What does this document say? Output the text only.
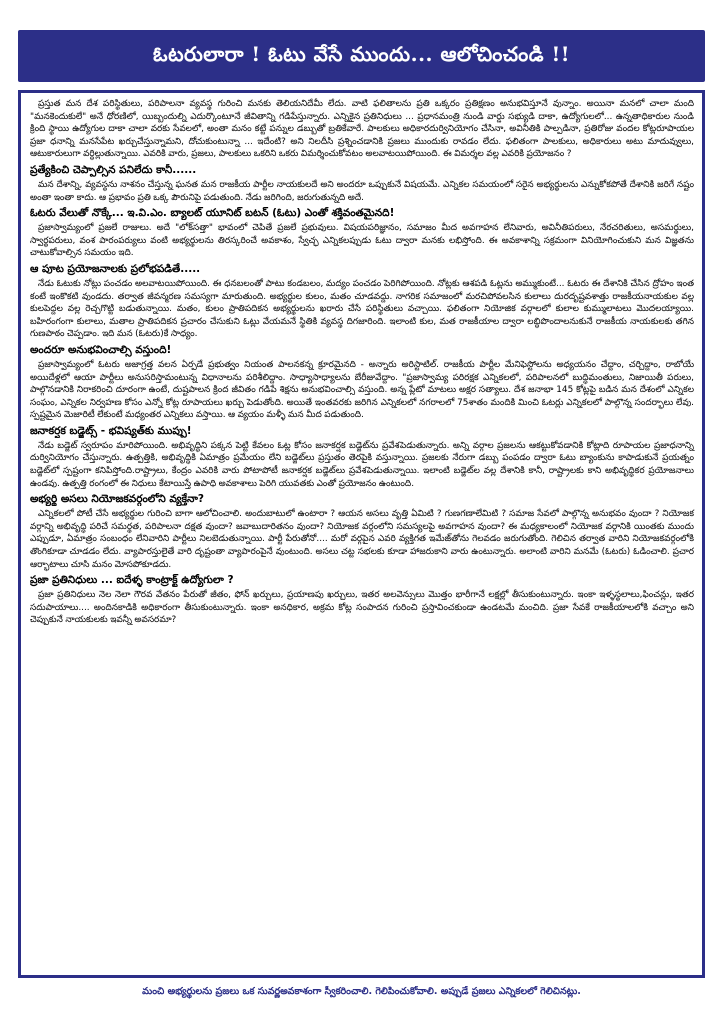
ఓటరులారా ! ఓటు వేసే ముందు... ఆలోచించండి !!

ప్రస్తుత మన దేశ పరిస్థితులు, పరిపాలనా వ్యవస్థ గురించి మనకు తెలియనిదేమీ లేదు. వాటి ఫలితాలను ప్రతి ఒక్కరం ప్రతిక్షణం అనుభవిస్తూనే వున్నాం. అయినా మనలో చాలా మంది "మనకెందుకులే" అనే ధోరణిలో, యిబ్బందుల్ని ఎదుర్కొంటూనే జీవితాన్ని గడిపేస్తున్నారు. ఎన్నికైన ప్రతినిధులు ... ప్రధానమంత్రి నుండి వార్డు సభ్యుడి దాకా, ఉద్యోగులలో... ఉన్నతాధికారుల నుండి క్రింది స్థాయి ఉద్యోగుల దాకా చాలా వరకు సేవలలో, అంతా మనం కట్టే పన్నుల డబ్బుతో బ్రతికేవారే. పాలకులు అధికారదుర్వినియోగం చేసినా, అవినీతికి పాల్పడినా, ప్రతిరోజు వందల కోట్లరూపాయల ప్రజా ధనాన్ని మనసేపేట ఖర్చుచేస్తున్నామని, దోచుకుంటున్నా ... ఇదేంటి? అని నిలదీసి ప్రశ్నించడానికి ప్రజలు ముందుకు రావడం లేదు. ఫలితంగా పాలకులు, అధికారులు అటు మాదువ్వులు, ఆటుకారులుగా వర్ధిల్లుతున్నాయి. ఎవరికి వారు, ప్రజలు, పాలకులు ఒకరిని ఒకరు విమర్శించుకోవటం అలవాటయిపోయింది. ఈ విమర్శల వల్ల ఎవరికి ప్రయోజనం ?

ప్రత్యేకించి చెప్పాల్సిన పనిలేదు కానీ......

మన దేశాన్ని, వ్యవస్థను నాశనం చేస్తున్న ఘనత మన రాజకీయ పార్టీల నాయకులదే అని అందరూ ఒప్పుకునే విషయమే. ఎన్నికల సమయంలో సరైన అభ్యర్థులను ఎన్నుకోకపోతే దేశానికి జరిగే నష్టం అంతా ఇంతా కాదు. ఆ ప్రభావం ప్రతి ఒక్క పౌరునిపై పడుతుంది. నేడు జరిగింది, జరుగుతున్నది అదే.

ఓటరు వేలుతో నొక్కే... ఇ.వి.ఎం. బ్యాలట్ యూనిట్ బటన్ (ఓటు) ఎంతో శక్తివంతమైనది!

ప్రజాస్వామ్యంలో ప్రజలే రాజులు. అదే "లోక్‌సత్తా" భావంలో చెపితే ప్రజలే ప్రభువులు. విషయపరిజ్ఞానం, సమాజం మీద అవగాహన లేనివారు, అవినీతిపరులు, నేరచరితులు, అసమర్థులు, స్వార్థపరులు, వంశ పారంపర్యులు వంటి అభ్యర్థులను తిరస్కరించే అవకాశం, స్వేచ్ఛ ఎన్నికలప్పుడు ఓటు ద్వారా మనకు లభిస్తోంది. ఈ అవకాశాన్ని సక్రమంగా వినియోగించుకుని మన విజ్ఞతను చాటుకోవాల్సిన సమయం ఇది.

ఆ పూట ప్రయోజనాలకు ప్రలోభపడితే.....

నేడు ఓటుకు నోట్లు పంచడం అలవాటయిపోయింది. ఈ ధనబలంతో పాటు కండబలం, మద్యం పంచడం పెరిగిపోయింది. నోట్లకు ఆశపడి ఓట్లను అమ్ముకుంటే... ఓటరు ఈ దేశానికి చేసిన ద్రోహం ఇంత కంటే ఇంకొకటి వుండదు. తర్వాత జీవన్మరణ సమస్యగా మారుతుంది. అభ్యర్థుల కులం, మతం చూడవద్దు. నాగరిక సమాజంలో మరచిపోవలసిన కులాలు దురదృష్టవశాత్తు రాజకీయనాయకుల వల్ల కులపెద్దల వల్ల రెచ్చగొట్టి బడుతున్నాయి. మతం, కులం ప్రాతిపదికన అభ్యర్థులను ఖరారు చేసే పరిస్థితులు వచ్చాయి. ఫలితంగా నియోజిక వర్గాలలో కులాల కుమ్ములాటలు మొదలయ్యాయి. బహిరంగంగా కులాలు, మతాల ప్రాతిపదికన ప్రచారం చేసుకుని ఓట్లు వేయమనే స్థితికి వ్యవస్థ దిగజారింది. ఇలాంటి కుల, మత రాజకీయాల ద్వారా లబ్ధిపొందాలనుకునే రాజకీయ నాయకులకు తగిన గుణపాఠం చెప్పడాం. ఇది మన (ఓటరు)కే సాధ్యం.

అందరూ అనుభవించాల్సి వస్తుంది!

ప్రజాస్వామ్యంలో ఓటరు అజాగ్రత్త వలన ఏర్పడే ప్రభుత్వం నియంత పాలనకన్న క్రూరమైనది - అన్నారు అరిస్టాటిల్. రాజకీయ పార్టీల మేనిఫెస్టోలను అధ్యయనం చేద్దాం, చర్చిద్దాం, రాబోయే అయిదేళ్లలో ఆయా పార్టీలు అనుసరిస్తామంటున్న విధానాలను పరిశీలిద్దాం. సాధ్యాసాధ్యాలను బేరీజువేద్దాం. "ప్రజాస్వామ్య పరిరక్షక ఎన్నికలలో, పరిపాలనలో బుద్ధిమంతులు, నిజాయితీ పరులు, పాల్గొనడానికి నిరాకరించి దూరంగా ఉంటే, దుష్టపాలన క్రింద జీవితం గడిపే శిక్షను అనుభవించాల్సి వస్తుంది. అన్న ప్లేటో మాటలు అక్షర సత్యాలు. దేశ జనాభా 145 కోట్లపై బడిన మన దేశంలో ఎన్నికల సంఘం, ఎన్నికల నిర్వహణ కోసం ఎన్నో కోట్ల రూపాయలు ఖర్చు పెడుతోంది. అయితే ఇంతవరకు జరిగిన ఎన్నికలలో నగరాలలో 75శాతం మందికి మించి ఓటర్లు ఎన్నికలలో పాల్గొన్న సందర్భాలు లేవు. స్పష్టమైన మెజారిటీ లేకుంటే మధ్యంతర ఎన్నికలు వస్తాయి. ఆ వ్యయం మళ్ళీ మన మీద పడుతుంది.

జనాకర్షక బడ్జెట్స్ - భవిష్యత్‌కు ముప్పు!

నేడు బడ్జెట్ స్వరూపం మారిపోయింది. అభివృద్ధిని పక్కన పెట్టి కేవలం ఓట్ల కోసం జనాకర్షక బడ్జెట్‌ను ప్రవేశపెడుతున్నారు. అన్ని వర్గాల ప్రజలను ఆకట్టుకోవడానికి కోట్లాది రూపాయల ప్రజాధనాన్ని దుర్వినియోగం చేస్తున్నారు. ఉత్పత్తికి, అభివృద్ధికి ఏమాత్రం ప్రమేయం లేని బడ్జెట్‌లు ప్రస్తుతం తెరపైకి వస్తున్నాయి. ప్రజలకు నేరుగా డబ్బు పంపడం ద్వారా ఓటు బ్యాంకును కాపాడుకునే ప్రయత్నం బడ్జెట్‌లో స్పష్టంగా కనిపిస్తోంది.రాష్ట్రాలు, కేంద్రం ఎవరికి వారు పోటాపోటీ జనాకర్షక బడ్జెట్‌లు ప్రవేశపెడుతున్నాయి. ఇలాంటి బడ్జెట్‌ల వల్ల దేశానికి కానీ, రాష్ట్రాలకు కాని అభివృద్ధికర ప్రయోజనాలు ఉండవు. ఉత్పత్తి రంగంలో ఈ నిధులు కేటాయిస్తే ఉపాధి అవకాశాలు పెరిగి యువతకు ఎంతో ప్రయోజనం ఉంటుంది.

అభ్యర్థి అసలు నియోజకవర్గంలోని వ్యక్తేనా?

ఎన్నికలలో పోటీ చేసే అభ్యర్థుల గురించి బాగా ఆలోచించాలి. అందుబాటులో ఉంటారా ? ఆయన అసలు వృత్తి ఏమిటి ? గుణగణాలేమిటి ? సమాజ సేవలో పాల్గొన్న అనుభవం వుందా ? నియోజక వర్గాన్ని అభివృద్ధి పరిచే సమర్థత, పరిపాలనా దక్షత వుందా? జవాబుదారితనం వుందా? నియోజక వర్గంలోని సమస్యలపై అవగాహన వుందా? ఈ మధ్యకాలంలో నియోజక వర్గానికి యింతకు ముందు ఎప్పుడూ, ఏమాత్రం సంబంధం లేనివారిని పార్టీలు నిలబెడుతున్నాయి. పార్టీ పేరుతోనో.... మరో వర్గపైన ఎవరి వ్యక్తిగత ఇమేజ్‌తోను గెలవడం జరుగుతోంది. గెలిచిన తర్వాత వారిని నియోజకవర్గంలోకి తొంగికూడా చూడడం లేదు. వ్యాపారస్తులైతే వారి దృష్టంతా వ్యాపారంపైనే వుంటుంది. అసలు చట్ట సభలకు కూడా హాజరుకాని వారు ఉంటున్నారు. అలాంటి వారిని మనమే (ఓటరు) ఓడించాలి. ప్రచార ఆర్భాటాలు చూసి మనం మోసపోకూడదు.

ప్రజా ప్రతినిధులు ... ఐదేళ్ళ కాంట్రాక్ట్ ఉద్యోగులా ?

ప్రజా ప్రతినిధులు నెల నెలా గౌరవ వేతనం పేరుతో జీతం, ఫోన్ ఖర్చులు, ప్రయాణపు ఖర్చులు, ఇతర అలవెన్సులు మొత్తం భారీగానే లక్షల్లో తీసుకుంటున్నారు. ఇంకా ఇళ్ళస్థలాలు,ఫించన్లు, ఇతర సదుపాయాలు.... అందినకాడికి అధికారంగా తీసుకుంటున్నారు. ఇంకా అనధికార, అక్రమ కోట్ల సంపాదన గురించి ప్రస్తావించకుండా ఉండటమే మంచిది. ప్రజా సేవకే రాజకీయాలలోకి వచ్చాం అని చెప్పుకునే నాయకులకు ఇవన్నీ అవసరమా?

మంచి అభ్యర్థులను ప్రజలు ఒక సువర్ణఅవకాశంగా స్వీకరించాలి. గెలిపించుకోవాలి. అప్పుడే ప్రజలు ఎన్నికలలో గెలిచినట్లు.
